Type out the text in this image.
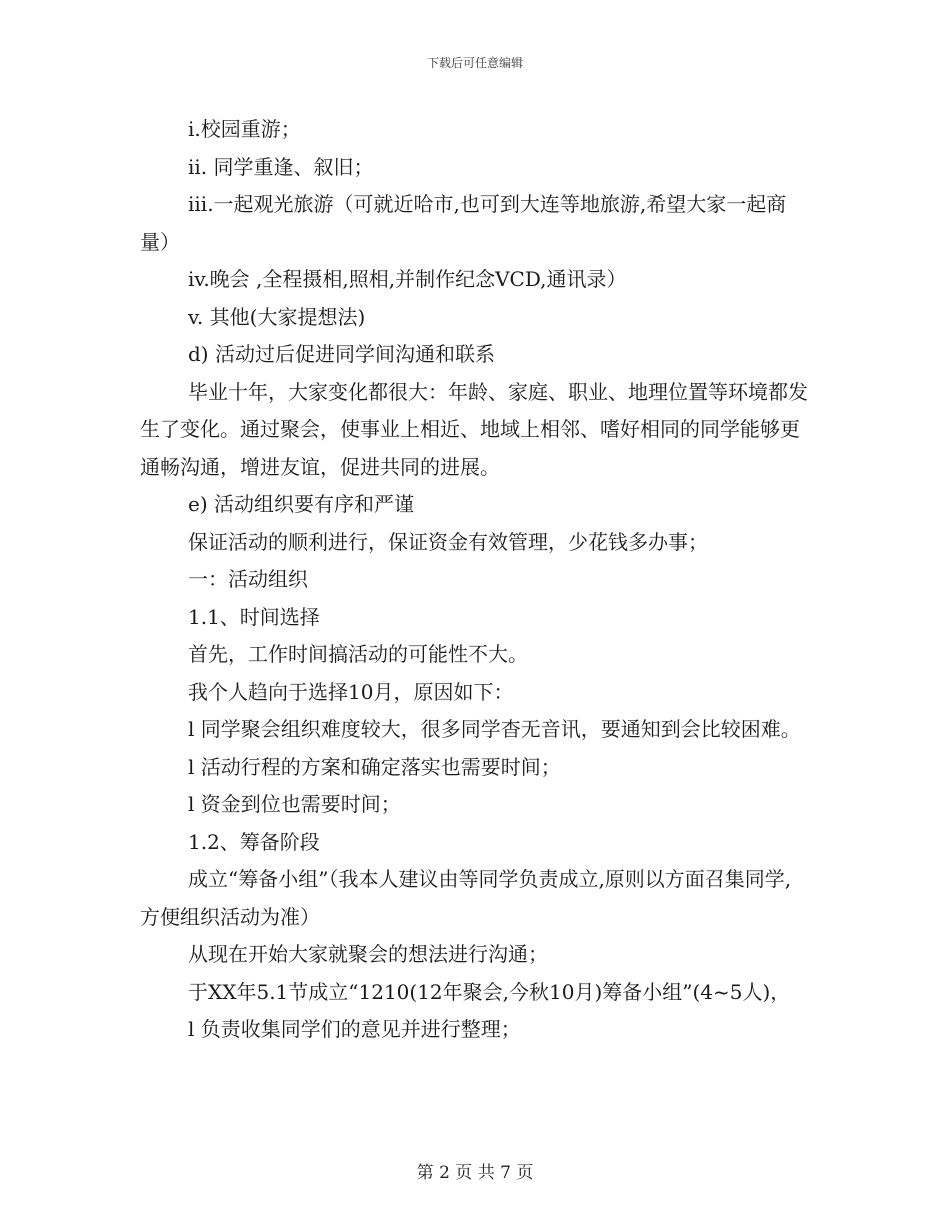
下载后可任意编辑

i.校园重游；

ii. 同学重逢、叙旧；

iii.一起观光旅游（可就近哈市,也可到大连等地旅游,希望大家一起商量）

iv.晚会 ,全程摄相,照相,并制作纪念VCD,通讯录）

v. 其他(大家提想法)

d) 活动过后促进同学间沟通和联系

毕业十年，大家变化都很大：年龄、家庭、职业、地理位置等环境都发生了变化。通过聚会，使事业上相近、地域上相邻、嗜好相同的同学能够更通畅沟通，增进友谊，促进共同的进展。

e) 活动组织要有序和严谨

保证活动的顺利进行，保证资金有效管理，少花钱多办事；

一：活动组织

1.1、时间选择

首先，工作时间搞活动的可能性不大。

我个人趋向于选择10月，原因如下：

l 同学聚会组织难度较大，很多同学杳无音讯，要通知到会比较困难。

l 活动行程的方案和确定落实也需要时间；

l 资金到位也需要时间；

1.2、筹备阶段

成立“筹备小组”（我本人建议由等同学负责成立,原则以方面召集同学,方便组织活动为准）

从现在开始大家就聚会的想法进行沟通；

于XX年5.1节成立“1210(12年聚会,今秋10月)筹备小组”(4~5人)，

l 负责收集同学们的意见并进行整理；

第 2 页 共 7 页
